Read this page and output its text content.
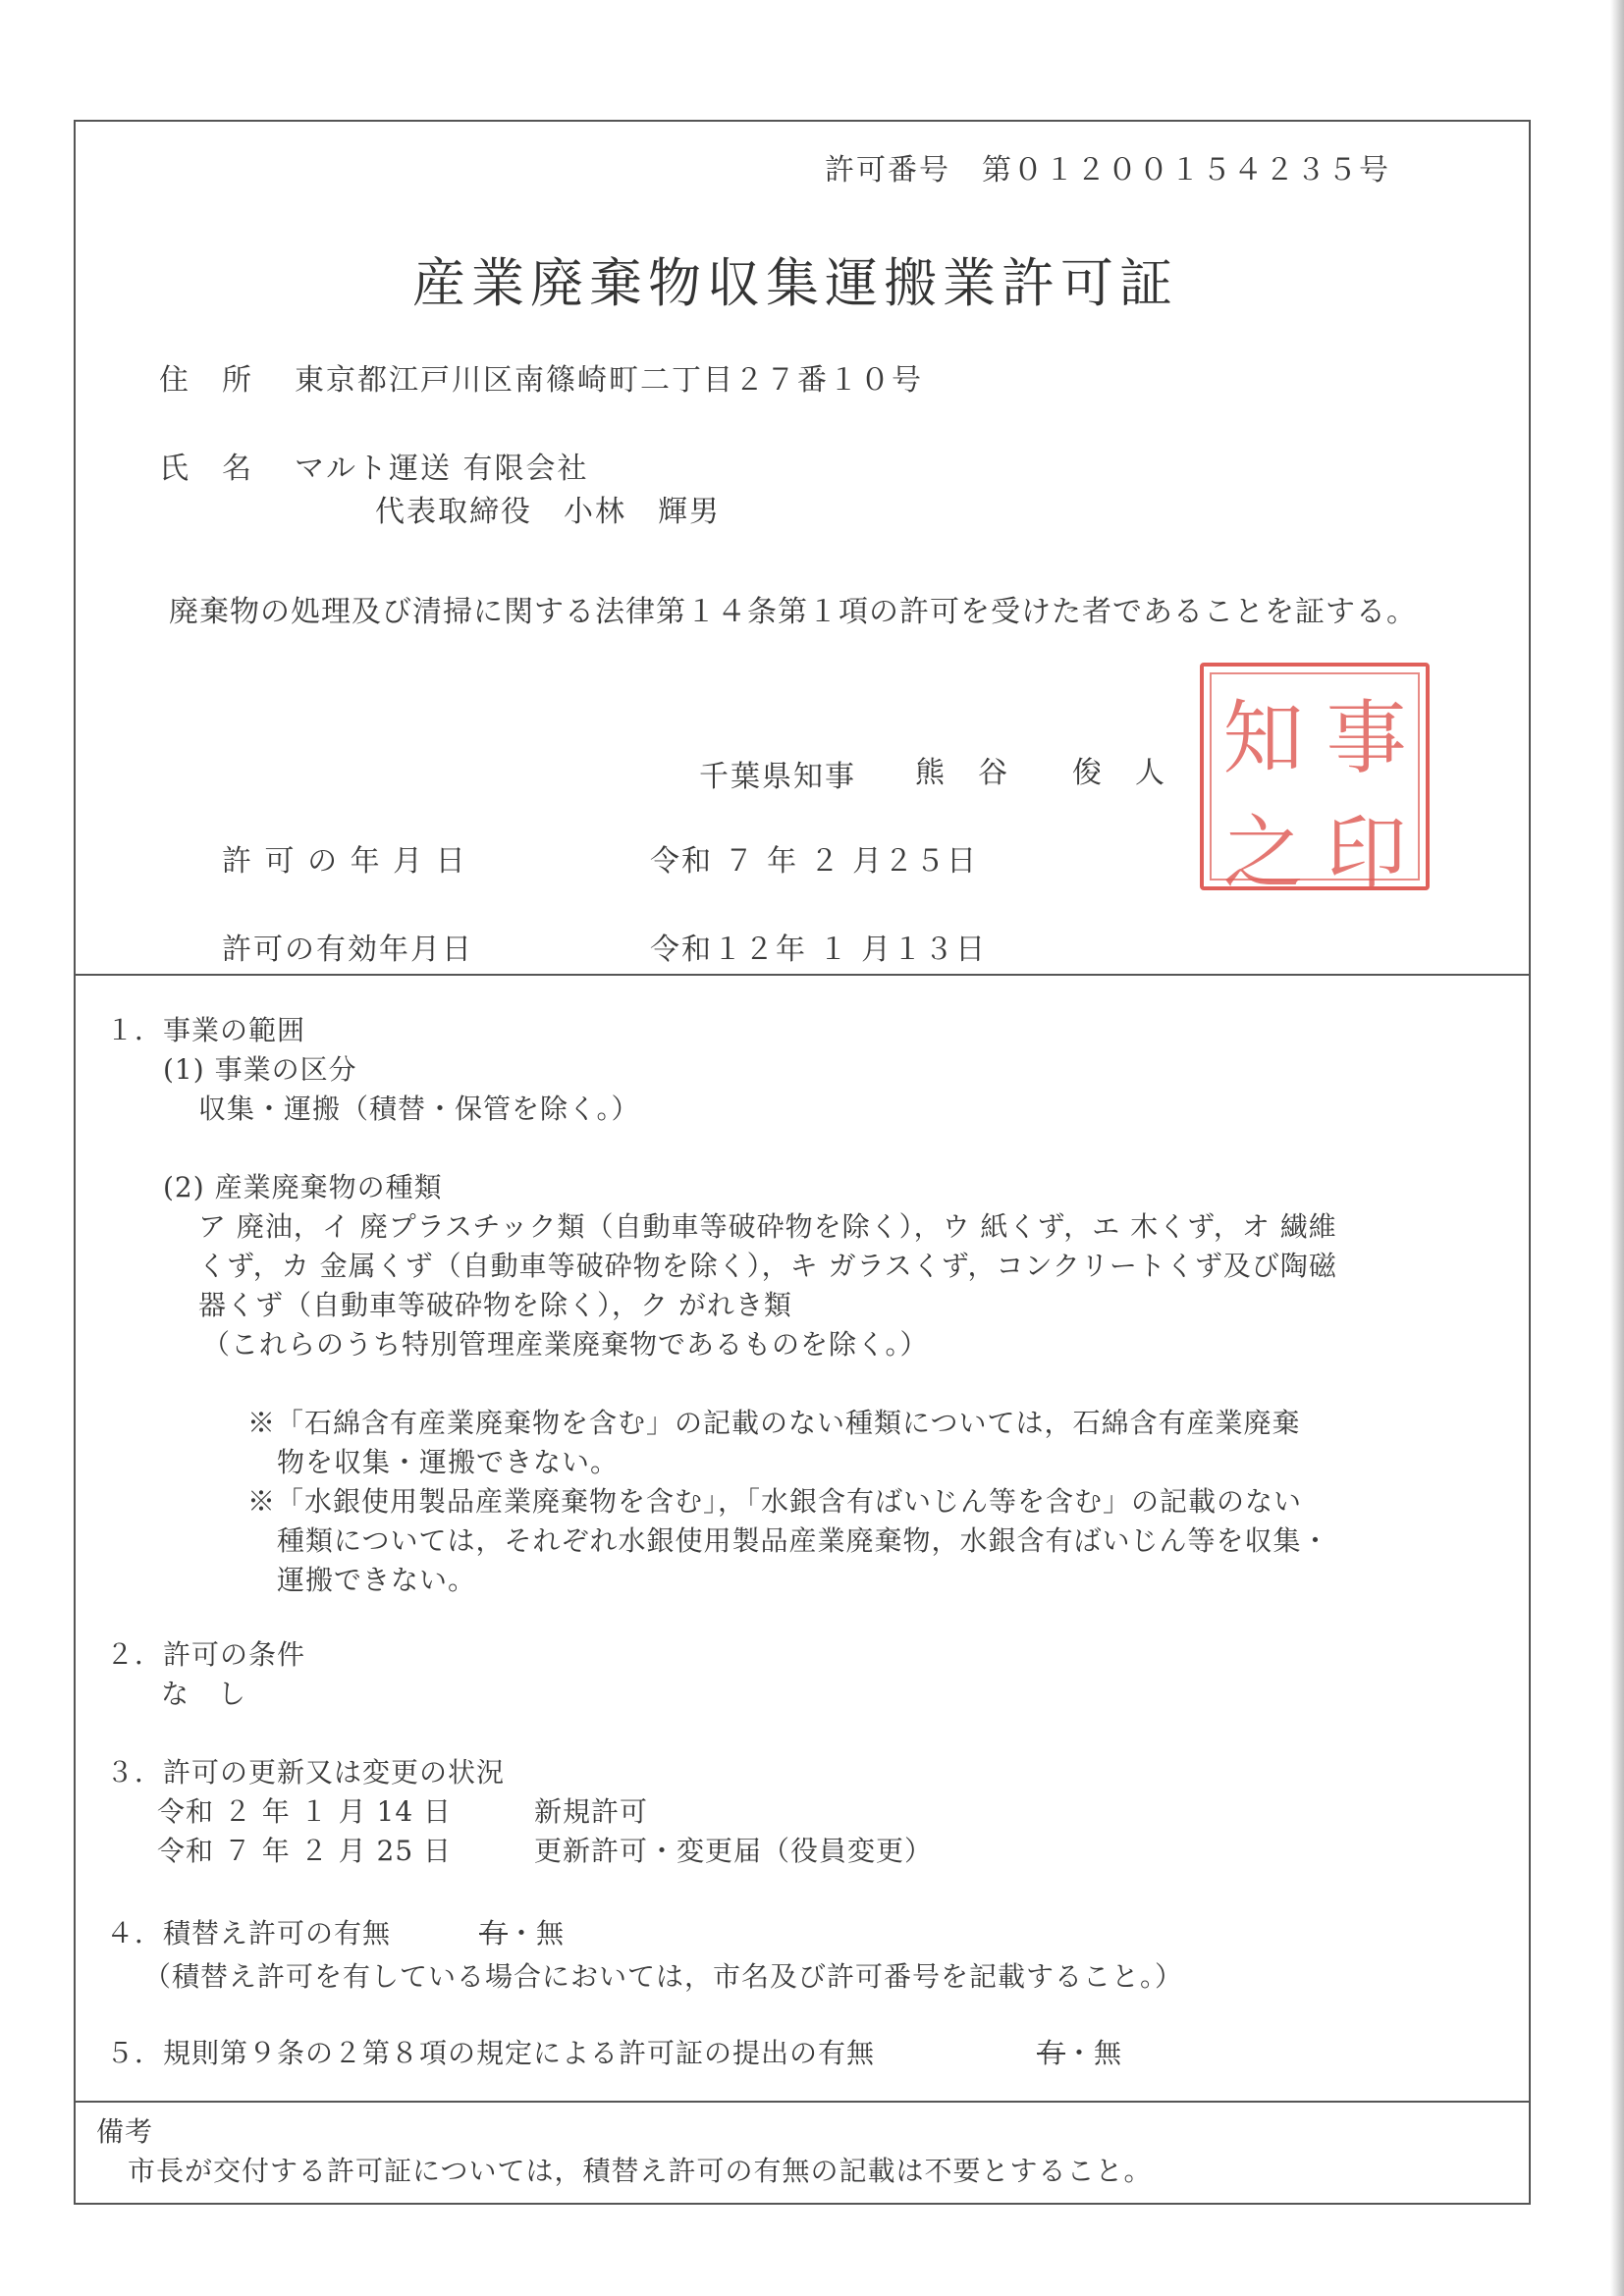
許可番号　 第０１２００１５４２３５号
産業廃棄物収集運搬業許可証
住　所 東京都江戸川区南篠崎町二丁目２７番１０号
氏　名 マルト運送 有限会社
代表取締役　小林　輝男
廃棄物の処理及び清掃に関する法律第１４条第１項の許可を受けた者であることを証する。
千葉県知事 熊　谷　　俊　人 知 事
之 印
許 可 の 年 月 日	令和 ７ 年 ２ 月２５日
許可の有効年月日	令和１２年 １ 月１３日
１．事業の範囲
(1) 事業の区分
収集・運搬（積替・保管を除く。）
(2) 産業廃棄物の種類
ア 廃油，イ 廃プラスチック類（自動車等破砕物を除く），ウ 紙くず，エ 木くず，オ 繊維
くず，カ 金属くず（自動車等破砕物を除く），キ ガラスくず，コンクリートくず及び陶磁
器くず（自動車等破砕物を除く），ク がれき類
（これらのうち特別管理産業廃棄物であるものを除く。）
※「石綿含有産業廃棄物を含む」の記載のない種類については，石綿含有産業廃棄
物を収集・運搬できない。
※「水銀使用製品産業廃棄物を含む」，「水銀含有ばいじん等を含む」の記載のない
種類については，それぞれ水銀使用製品産業廃棄物，水銀含有ばいじん等を収集・
運搬できない。
２．許可の条件
な　し
３．許可の更新又は変更の状況
令和 ２ 年 １ 月 14 日	新規許可
令和 ７ 年 ２ 月 25 日	更新許可・変更届（役員変更）
４．積替え許可の有無	有・無
（積替え許可を有している場合においては，市名及び許可番号を記載すること。）
５．規則第９条の２第８項の規定による許可証の提出の有無	有・無
備考
市長が交付する許可証については，積替え許可の有無の記載は不要とすること。
